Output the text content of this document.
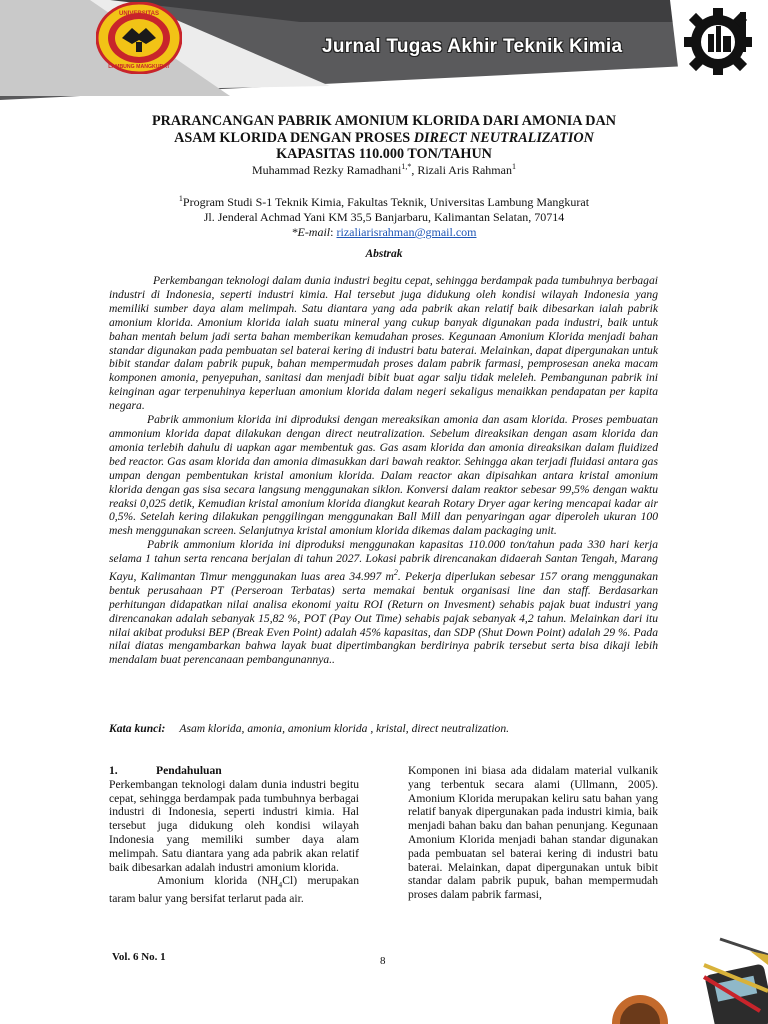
UNIVERSITAS
LAMBUNG MANGKURAT
Jurnal Tugas Akhir Teknik Kimia
PRARANCANGAN PABRIK AMONIUM KLORIDA DARI AMONIA DAN
ASAM KLORIDA DENGAN PROSES DIRECT NEUTRALIZATION
KAPASITAS 110.000 TON/TAHUN
Muhammad Rezky Ramadhani$^{1,*}$, Rizali Aris Rahman$^1$
$^1$Program Studi S-1 Teknik Kimia, Fakultas Teknik, Universitas Lambung Mangkurat
Jl. Jenderal Achmad Yani KM 35,5 Banjarbaru, Kalimantan Selatan, 70714
*E-mail: rizaliarisrahman@gmail.com
Abstrak

Perkembangan teknologi dalam dunia industri begitu cepat, sehingga berdampak pada tumbuhnya berbagai industri di Indonesia, seperti industri kimia. Hal tersebut juga didukung oleh kondisi wilayah Indonesia yang memiliki sumber daya alam melimpah. Satu diantara yang ada pabrik akan relatif baik dibesarkan ialah pabrik amonium klorida. Amonium klorida ialah suatu mineral yang cukup banyak digunakan pada industri, baik untuk bahan mentah belum jadi serta bahan memberikan kemudahan proses. Kegunaan Amonium Klorida menjadi bahan standar digunakan pada pembuatan sel baterai kering di industri batu baterai. Melainkan, dapat dipergunakan untuk bibit standar dalam pabrik pupuk, bahan mempermudah proses dalam pabrik farmasi, pemprosesan aneka macam komponen amonia, penyepuhan, sanitasi dan menjadi bibit buat agar salju tidak meleleh. Pembangunan pabrik ini keinginan agar terpenuhinya keperluan amonium klorida dalam negeri sekaligus menaikkan pendapatan per kapita negara.

Pabrik ammonium klorida ini diproduksi dengan mereaksikan amonia dan asam klorida. Proses pembuatan ammonium klorida dapat dilakukan dengan direct neutralization. Sebelum direaksikan dengan asam klorida dan amonia terlebih dahulu di uapkan agar membentuk gas. Gas asam klorida dan amonia direaksikan dalam fluidized bed reactor. Gas asam klorida dan amonia dimasukkan dari bawah reaktor. Sehingga akan terjadi fluidasi antara gas umpan dengan pembentukan kristal amonium klorida. Dalam reactor akan dipisahkan antara kristal amonium klorida dengan gas sisa secara langsung menggunakan siklon. Konversi dalam reaktor sebesar 99,5% dengan waktu reaksi 0,025 detik, Kemudian kristal amonium klorida diangkut kearah Rotary Dryer agar kering mencapai kadar air 0,5%. Setelah kering dilakukan penggilingan menggunakan Ball Mill dan penyaringan agar diperoleh ukuran 100 mesh menggunakan screen. Selanjutnya kristal amonium klorida dikemas dalam packaging unit.

Pabrik ammonium klorida ini diproduksi menggunakan kapasitas 110.000 ton/tahun pada 330 hari kerja selama 1 tahun serta rencana berjalan di tahun 2027. Lokasi pabrik direncanakan didaerah Santan Tengah, Marang Kayu, Kalimantan Timur menggunakan luas area 34.997 $m^2$. Pekerja diperlukan sebesar 157 orang menggunakan bentuk perusahaan PT (Perseroan Terbatas) serta memakai bentuk organisasi line dan staff. Berdasarkan perhitungan didapatkan nilai analisa ekonomi yaitu ROI (Return on Invesment) sehabis pajak buat industri yang direncanakan adalah sebanyak 15,82 %, POT (Pay Out Time) sehabis pajak sebanyak 4,2 tahun. Melainkan dari itu nilai akibat produksi BEP (Break Even Point) adalah 45% kapasitas, dan SDP (Shut Down Point) adalah 29 %. Pada nilai diatas mengambarkan bahwa layak buat dipertimbangkan berdirinya pabrik tersebut serta bisa dikaji lebih mendalam buat perencanaan pembangunannya..

Kata kunci: Asam klorida, amonia, amonium klorida , kristal, direct neutralization.
1.	Pendahuluan

Perkembangan teknologi dalam dunia industri begitu cepat, sehingga berdampak pada tumbuhnya berbagai industri di Indonesia, seperti industri kimia. Hal tersebut juga didukung oleh kondisi wilayah Indonesia yang memiliki sumber daya alam melimpah. Satu diantara yang ada pabrik akan relatif baik dibesarkan adalah industri amonium klorida.

Amonium klorida $(NH_4Cl)$ merupakan taram balur yang bersifat terlarut pada air.

Komponen ini biasa ada didalam material vulkanik yang terbentuk secara alami (Ullmann, 2005). Amonium Klorida merupakan keliru satu bahan yang relatif banyak dipergunakan pada industri kimia, baik menjadi bahan baku dan bahan penunjang. Kegunaan Amonium Klorida menjadi bahan standar digunakan pada pembuatan sel baterai kering di industri batu baterai. Melainkan, dapat dipergunakan untuk bibit standar dalam pabrik pupuk, bahan mempermudah proses dalam pabrik farmasi,

Vol. 6 No. 1	8
